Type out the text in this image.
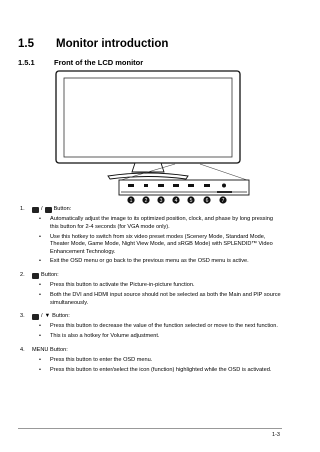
1.5 Monitor introduction
1.5.1	Front of the LCD monitor
1 2 3 4 5	6	7
1.	/ Button:
• Automatically adjust the image to its optimized position, clock, and phase by long pressing this button for 2-4 seconds (for VGA mode only).
• Use this hotkey to switch from six video preset modes (Scenery Mode, Standard Mode, Theater Mode, Game Mode, Night View Mode, and sRGB Mode) with SPLENDID™ Video Enhancement Technology.
• Exit the OSD menu or go back to the previous menu as the OSD menu is active.
2.	Button:
• Press this button to activate the Picture-in-picture function.
• Both the DVI and HDMI input source should not be selected as both the Main and PIP source simultaneously.
3.	/ ▼ Button:
• Press this button to decrease the value of the function selected or move to the next function.
• This is also a hotkey for Volume adjustment.
4. MENU Button:
• Press this button to enter the OSD menu.
• Press this button to enter/select the icon (function) highlighted while the OSD is activated.
1-3
